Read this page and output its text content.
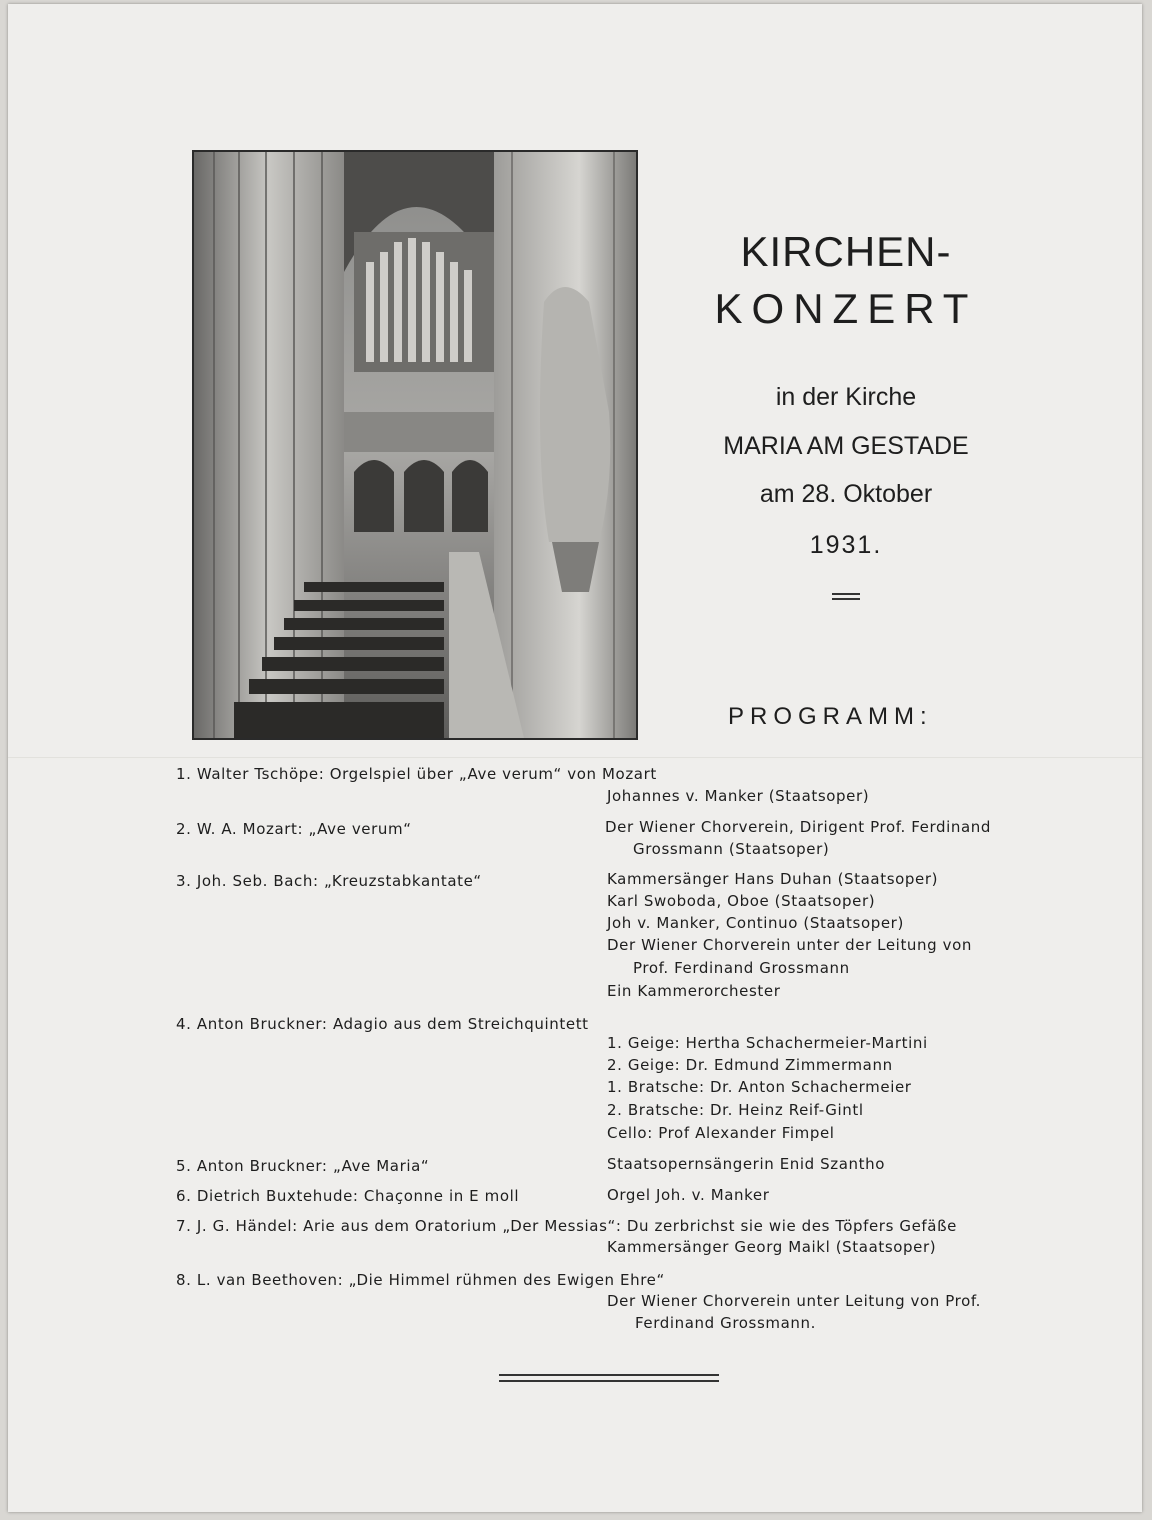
KIRCHEN-
KONZERT

in der Kirche

MARIA AM GESTADE

am 28. Oktober

1931.

PROGRAMM:
1. Walter Tschöpe: Orgelspiel über „Ave verum“ von Mozart
Johannes v. Manker (Staatsoper)
2. W. A. Mozart: „Ave verum“	Der Wiener Chorverein, Dirigent Prof. Ferdinand
Grossmann (Staatsoper)
3. Joh. Seb. Bach: „Kreuzstabkantate“	Kammersänger Hans Duhan (Staatsoper)
Karl Swoboda, Oboe (Staatsoper)
Joh v. Manker, Continuo (Staatsoper)
Der Wiener Chorverein unter der Leitung von
Prof. Ferdinand Grossmann
Ein Kammerorchester
4. Anton Bruckner: Adagio aus dem Streichquintett
1. Geige: Hertha Schachermeier-Martini
2. Geige: Dr. Edmund Zimmermann
1. Bratsche: Dr. Anton Schachermeier
2. Bratsche: Dr. Heinz Reif-Gintl
Cello: Prof Alexander Fimpel
5. Anton Bruckner: „Ave Maria“	Staatsopernsängerin Enid Szantho
6. Dietrich Buxtehude: Chaçonne in E moll	Orgel Joh. v. Manker
7. J. G. Händel: Arie aus dem Oratorium „Der Messias“: Du zerbrichst sie wie des Töpfers Gefäße
Kammersänger Georg Maikl (Staatsoper)
8. L. van Beethoven: „Die Himmel rühmen des Ewigen Ehre“
Der Wiener Chorverein unter Leitung von Prof.
Ferdinand Grossmann.
